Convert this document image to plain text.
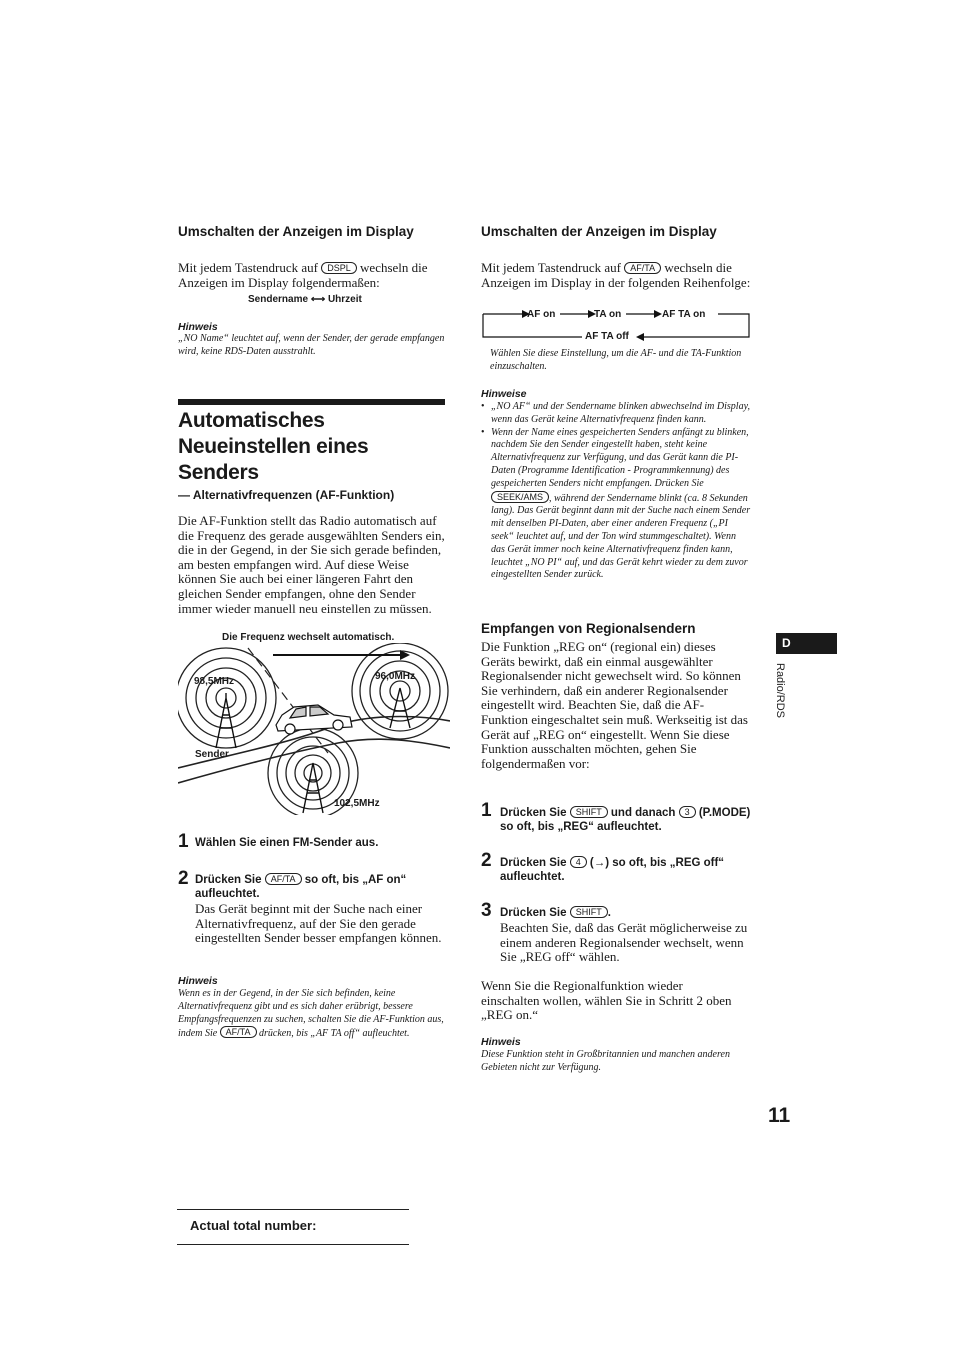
Umschalten der Anzeigen im Display

Mit jedem Tastendruck auf DSPL wechseln die Anzeigen im Display folgendermaßen:

Sendername ⟷ Uhrzeit
Hinweis

„NO Name“ leuchtet auf, wenn der Sender, der gerade empfangen wird, keine RDS-Daten ausstrahlt.

Automatisches
Neueinstellen eines
Senders
— Alternativfrequenzen (AF-Funktion)

Die AF-Funktion stellt das Radio automatisch auf die Frequenz des gerade ausgewählten Senders ein, die in der Gegend, in der Sie sich gerade befinden, am besten empfangen wird. Auf diese Weise können Sie auch bei einer längeren Fahrt den gleichen Sender empfangen, ohne den Sender immer wieder manuell neu einstellen zu müssen.

Die Frequenz wechselt automatisch.
98,5MHz	96,0MHz
102,5MHz
Sender
1 Wählen Sie einen FM-Sender aus.
2 Drücken Sie AF/TA so oft, bis „AF on“ aufleuchtet.

Das Gerät beginnt mit der Suche nach einer Alternativfrequenz, auf der Sie den gerade eingestellten Sender besser empfangen können.

Hinweis

Wenn es in der Gegend, in der Sie sich befinden, keine Alternativfrequenz gibt und es sich daher erübrigt, bessere Empfangsfrequenzen zu suchen, schalten Sie die AF-Funktion aus, indem Sie AF/TA drücken, bis „AF TA off“ aufleuchtet.

Actual total number:
Umschalten der Anzeigen im Display

Mit jedem Tastendruck auf AF/TA wechseln die Anzeigen im Display in der folgenden Reihenfolge:

AF on	TA on	AF TA on
AF TA off

Wählen Sie diese Einstellung, um die AF- und die TA-Funktion einzuschalten.

Hinweise
• „NO AF“ und der Sendername blinken abwechselnd im Display, wenn das Gerät keine Alternativfrequenz finden kann.
• Wenn der Name eines gespeicherten Senders anfängt zu blinken, nachdem Sie den Sender eingestellt haben, steht keine Alternativfrequenz zur Verfügung, und das Gerät kann die PI-Daten (Programme Identification - Programmkennung) des gespeicherten Senders nicht empfangen. Drücken Sie SEEK/AMS , während der Sendername blinkt (ca. 8 Sekunden lang). Das Gerät beginnt dann mit der Suche nach einem Sender mit denselben PI-Daten, aber einer anderen Frequenz („PI seek“ leuchtet auf, und der Ton wird stummgeschaltet). Wenn das Gerät immer noch keine Alternativfrequenz finden kann, leuchtet „NO PI“ auf, und das Gerät kehrt wieder zu dem zuvor eingestellten Sender zurück.
Empfangen von Regionalsendern

Die Funktion „REG on“ (regional ein) dieses Geräts bewirkt, daß ein einmal ausgewählter Regionalsender nicht gewechselt wird. So können Sie verhindern, daß ein anderer Regionalsender eingestellt wird. Beachten Sie, daß die AF-Funktion eingeschaltet sein muß. Werkseitig ist das Gerät auf „REG on“ eingestellt. Wenn Sie diese Funktion ausschalten möchten, gehen Sie folgendermaßen vor:

1 Drücken Sie SHIFT und danach 3 (P.MODE) so oft, bis „REG“ aufleuchtet.
2 Drücken Sie 4 (→) so oft, bis „REG off“ aufleuchtet.
3 Drücken Sie SHIFT .

Beachten Sie, daß das Gerät möglicherweise zu einem anderen Regionalsender wechselt, wenn Sie „REG off“ wählen.

Wenn Sie die Regionalfunktion wieder einschalten wollen, wählen Sie in Schritt 2 oben „REG on.“

Hinweis

Diese Funktion steht in Großbritannien und manchen anderen Gebieten nicht zur Verfügung.

D
Radio/RDS
11
